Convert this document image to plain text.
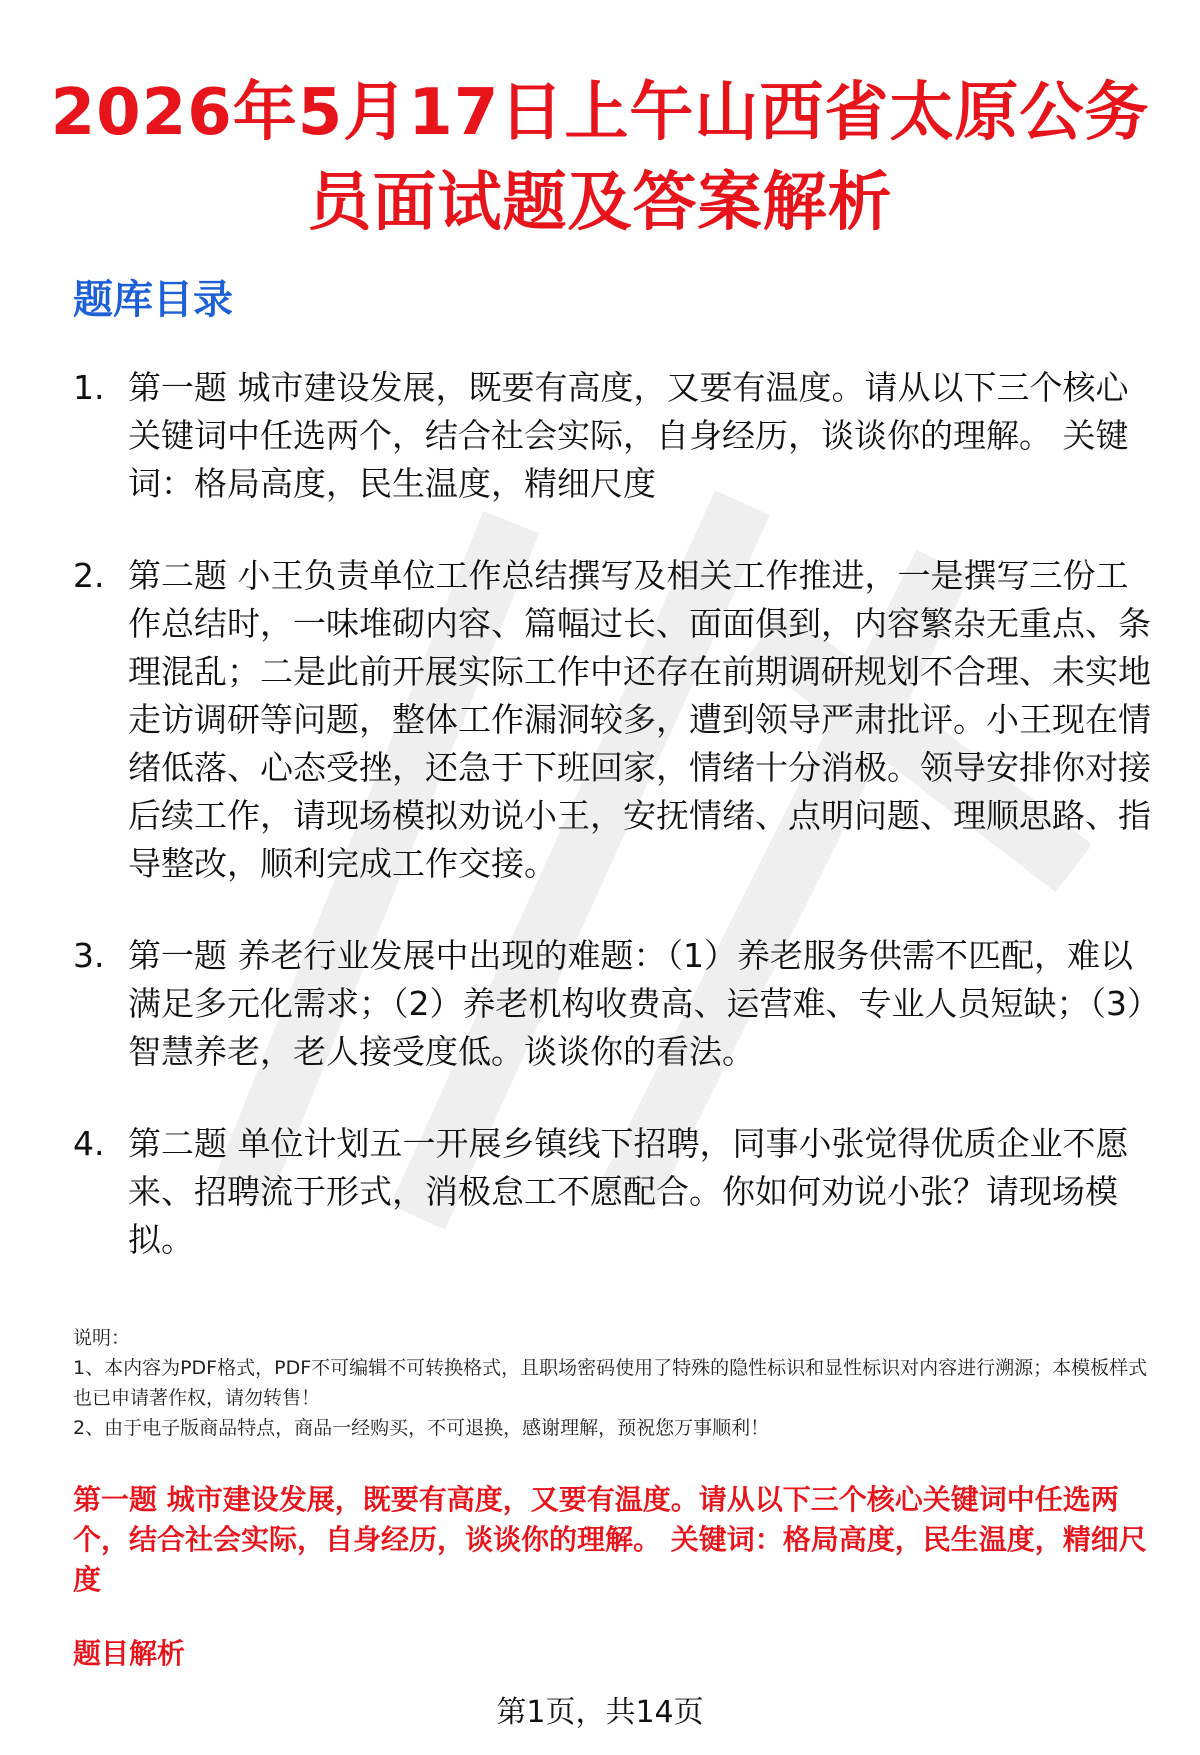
2026年5月17日上午山西省太原公务员面试题及答案解析
题库目录
1. 第一题 城市建设发展，既要有高度，又要有温度。请从以下三个核心关键词中任选两个，结合社会实际，自身经历，谈谈你的理解。 关键词：格局高度，民生温度，精细尺度
2. 第二题 小王负责单位工作总结撰写及相关工作推进，一是撰写三份工作总结时，一味堆砌内容、篇幅过长、面面俱到，内容繁杂无重点、条理混乱；二是此前开展实际工作中还存在前期调研规划不合理、未实地走访调研等问题，整体工作漏洞较多，遭到领导严肃批评。小王现在情绪低落、心态受挫，还急于下班回家，情绪十分消极。领导安排你对接后续工作，请现场模拟劝说小王，安抚情绪、点明问题、理顺思路、指导整改，顺利完成工作交接。
3. 第一题 养老行业发展中出现的难题：（1）养老服务供需不匹配，难以满足多元化需求；（2）养老机构收费高、运营难、专业人员短缺；（3）智慧养老，老人接受度低。谈谈你的看法。
4. 第二题 单位计划五一开展乡镇线下招聘，同事小张觉得优质企业不愿来、招聘流于形式，消极怠工不愿配合。你如何劝说小张？请现场模拟。
说明：
1、本内容为PDF格式，PDF不可编辑不可转换格式，且职场密码使用了特殊的隐性标识和显性标识对内容进行溯源；本模板样式也已申请著作权，请勿转售！
2、由于电子版商品特点，商品一经购买，不可退换，感谢理解，预祝您万事顺利！
第一题 城市建设发展，既要有高度，又要有温度。请从以下三个核心关键词中任选两个，结合社会实际，自身经历，谈谈你的理解。 关键词：格局高度，民生温度，精细尺度
题目解析
第1页，共14页
